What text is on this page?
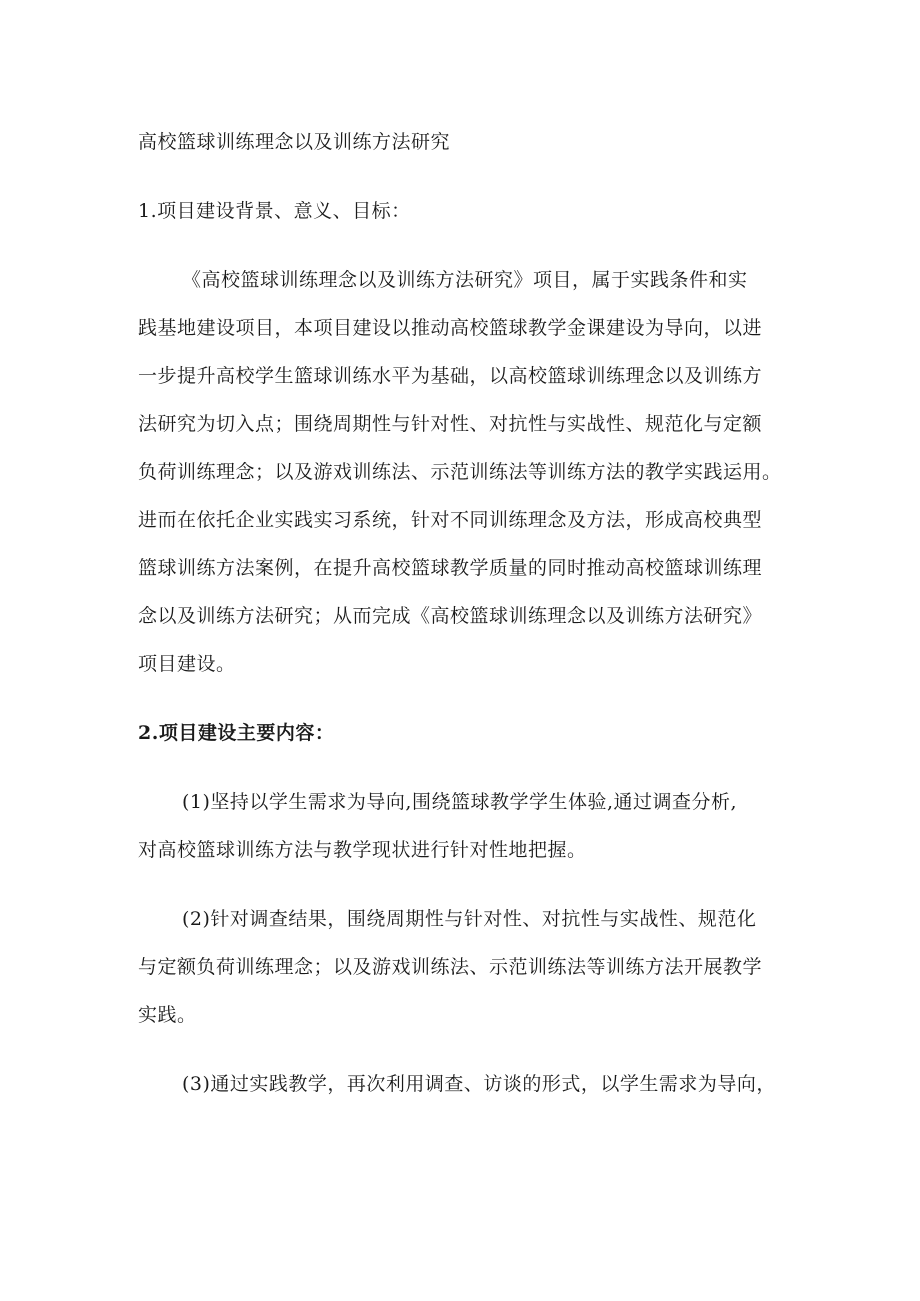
高校篮球训练理念以及训练方法研究
1.项目建设背景、意义、目标：
《高校篮球训练理念以及训练方法研究》项目，属于实践条件和实
践基地建设项目，本项目建设以推动高校篮球教学金课建设为导向，以进
一步提升高校学生篮球训练水平为基础，以高校篮球训练理念以及训练方
法研究为切入点；围绕周期性与针对性、对抗性与实战性、规范化与定额
负荷训练理念；以及游戏训练法、示范训练法等训练方法的教学实践运用。
进而在依托企业实践实习系统，针对不同训练理念及方法，形成高校典型
篮球训练方法案例，在提升高校篮球教学质量的同时推动高校篮球训练理
念以及训练方法研究；从而完成《高校篮球训练理念以及训练方法研究》
项目建设。
2.项目建设主要内容：
(1)坚持以学生需求为导向,围绕篮球教学学生体验,通过调查分析,
对高校篮球训练方法与教学现状进行针对性地把握。
(2)针对调查结果，围绕周期性与针对性、对抗性与实战性、规范化
与定额负荷训练理念；以及游戏训练法、示范训练法等训练方法开展教学
实践。
(3)通过实践教学，再次利用调查、访谈的形式，以学生需求为导向，
